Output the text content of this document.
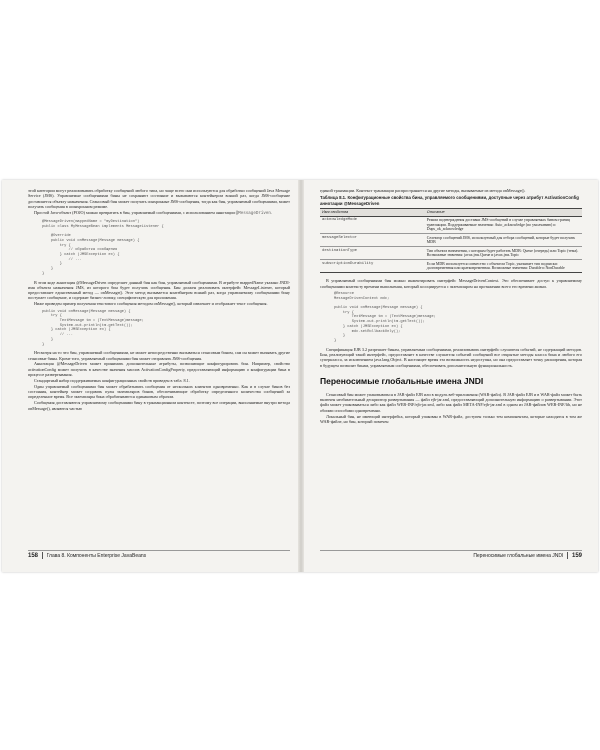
этой категории могут реализовывать обработку сообщений любого типа, но чаще всего они используются для обработки сообщений Java Message Service (JMS). Управляемые сообщениями бины не сохраняют состояние и вызываются контейнером всякий раз, когда JMS-сообщение доставляется объекту назначения. Сеансовый бин может получать синхронные JMS-сообщения, тогда как бин, управляемый сообщениями, может получать сообщения в асинхронном режиме.

Простой Java-объект (POJO) можно превратить в бин, управляемый сообщениями, с использованием аннотации @MessageDriven.

@MessageDriven(mappedName = "myDestination")
public class MyMessageBean implements MessageListener {

@Override
public void onMessage(Message message) {
try {
// обработка сообщения
} catch (JMSException ex) {
// ...
}
}
}

В этом коде аннотация @MessageDriven определяет данный бин как бин, управляемый сообщениями. В атрибуте mappedName указано JNDI-имя объекта назначения JMS, из которого бин будет получать сообщения. Бин должен реализовать интерфейс MessageListener, который предоставляет единственный метод — onMessage(). Этот метод вызывается контейнером всякий раз, когда управляемому сообщениями бину поступает сообщение, и содержит бизнес-логику, специфическую для приложения.

Ниже приведен пример получения текстового сообщения методом onMessage(), который извлекает и отображает текст сообщения.

public void onMessage(Message message) {
try {
TextMessage tm = (TextMessage)message;
System.out.println(tm.getText());
} catch (JMSException ex) {
// ...
}
}

Несмотря на то что бин, управляемый сообщениями, не может непосредственно вызываться сеансовым бином, сам он может вызывать другие сеансовые бины. Кроме того, управляемый сообщениями бин может отправлять JMS-сообщения.

Аннотация @MessageDriven может принимать дополнительные атрибуты, позволяющие конфигурировать бин. Например, свойство activationConfig может получить в качестве значения массив ActivationConfigProperty, предоставляющий информацию о конфигурации бина в процессе развертывания.

Стандартный набор поддерживаемых конфигурационных свойств приведен в табл. 8.1.

Один управляемый сообщениями бин может обрабатывать сообщения от нескольких клиентов одновременно. Как и в случае бинов без состояния, контейнер может создавать пулы экземпляров бинов, обеспечивающие обработку определенного количества сообщений за определенное время. Все экземпляры бина обрабатываются одинаковым образом.

Сообщения доставляются управляемому сообщениями бину в транзакционном контексте, поэтому все операции, выполняемые внутри метода onMessage(), являются частью

единой транзакции. Контекст транзакции распространяется на другие методы, вызываемые из метода onMessage().

Таблица 8.1. Конфигурационные свойства бина, управляемого сообщениями, доступные через атрибут ActivationConfig аннотации @MessageDriven
Имя свойства	Описание
acknowledgeMode	Режим подтверждения доставки JMS-сообщений в случае управляемых бином границ транзакции. Поддерживаемые значения: Auto_acknowledge (по умолчанию) и Dups_ok_acknowledge
messageSelector	Селектор сообщений JMS, используемый для отбора сообщений, которые будет получать MDB
destinationType	Тип объекта назначения, с которым будет работать MDB: Queue (очередь) или Topic (тема). Возможные значения: javax.jms.Queue и javax.jms.Topic
subscriptionDurability	Если MDB используется совместно с объектом Topic, указывает тип подписки: долговременная или кратковременная. Возможные значения: Durable и NonDurable

В управляемый сообщениями бин можно инжектировать интерфейс MessageDrivenContext. Это обеспечивает доступ к управляемому сообщениями контексту времени выполнения, который ассоциируется с экземпляром на протяжении всего его времени жизни.

@Resource
MessageDrivenContext mdc;

public void onMessage(Message message) {
try {
TextMessage tm = (TextMessage)message;
System.out.println(tm.getText());
} catch (JMSException ex) {
mdc.setRollbackOnly();
}
}

Спецификация EJB 3.2 разрешает бинам, управляемым сообщениями, реализовывать интерфейс слушателя событий, не содержащий методов. Бин, реализующий такой интерфейс, предоставляет в качестве слушателя событий сообщений все открытые методы класса бина и любого его суперкласса, за исключением java.lang.Object. В настоящее время эта возможность недоступна, но она предоставляет точку расширения, которая в будущем позволит бинам, управляемым сообщениями, обеспечивать дополнительную функциональность.

Переносимые глобальные имена JNDI

Сеансовый бин может упаковываться в JAR-файл EJB или в модуль веб-приложения (WAR-файл). В JAR-файл EJB и в WAR-файл может быть включен необязательный дескриптор развертывания — файл ejb-jar.xml, предоставляющий дополнительную информацию о развертывании. Этот файл может упаковываться либо как файл WEB-INF/ejb-jar.xml, либо как файл META-INF/ejb-jar.xml в одном из JAR-файлов WEB-INF/lib, но не обоими способами одновременно.

Локальный бин, не имеющий интерфейса, который упакован в WAR-файл, доступен только тем компонентам, которые находятся в том же WAR-файле, но бин, который помечен

158 Глава 8. Компоненты Enterprise JavaBeans	Переносимые глобальные имена JNDI 159
